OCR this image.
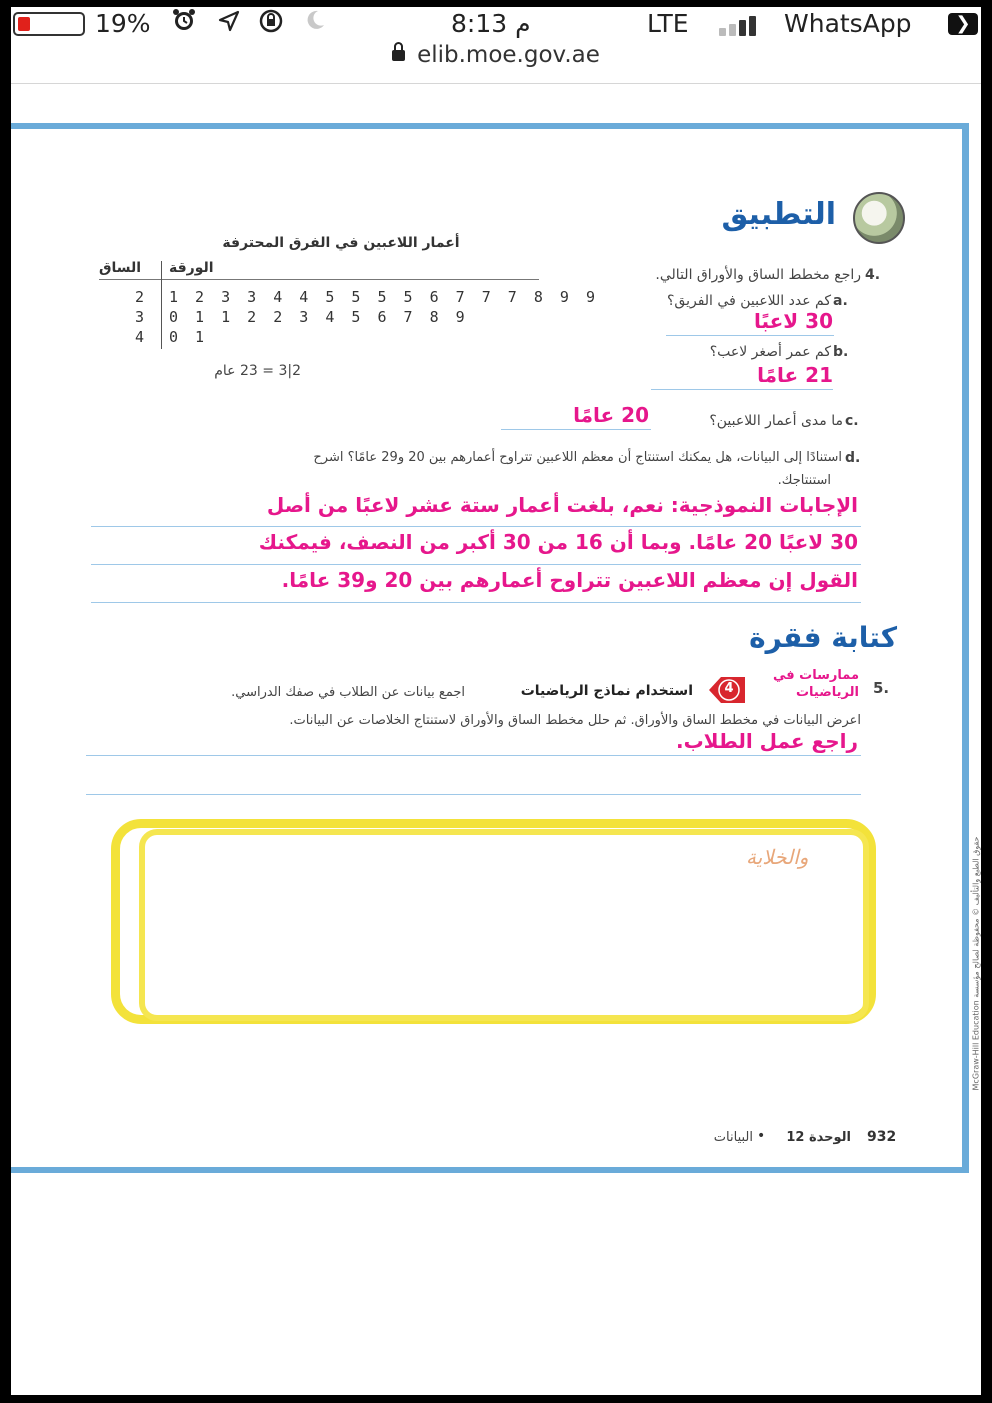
19%	8:13 م	LTE	WhatsApp	❯
elib.moe.gov.ae
التطبيق
أعمار اللاعبين في الفرق المحترفة
الساق الورقة
2 1 2 3 3 4 4 5 5 5 5 6 7 7 7 8 9 9
3 0 1 1 2 2 3 4 5 6 7 8 9
4 0 1
2|3 = 23 عام
4.
راجع مخطط الساق والأوراق التالي.
a.
كم عدد اللاعبين في الفريق؟
30 لاعبًا
b.
كم عمر أصغر لاعب؟
21 عامًا
c.
ما مدى أعمار اللاعبين؟
20 عامًا
d.
استنادًا إلى البيانات، هل يمكنك استنتاج أن معظم اللاعبين تتراوح أعمارهم بين 20 و29 عامًا؟ اشرح
استنتاجك.
الإجابات النموذجية: نعم، بلغت أعمار ستة عشر لاعبًا من أصل
30 لاعبًا 20 عامًا. وبما أن 16 من 30 أكبر من النصف، فيمكنك
القول إن معظم اللاعبين تتراوح أعمارهم بين 20 و39 عامًا.
كتابة فقرة
5.
ممارسات في الرياضيات
4
استخدام نماذج الرياضيات
اجمع بيانات عن الطلاب في صفك الدراسي.
اعرض البيانات في مخطط الساق والأوراق. ثم حلل مخطط الساق والأوراق لاستنتاج الخلاصات عن البيانات.
راجع عمل الطلاب.
والخلاية
حقوق الطبع والتأليف © محفوظة لصالح مؤسسة McGraw-Hill Education
932
الوحدة 12
•
البيانات
